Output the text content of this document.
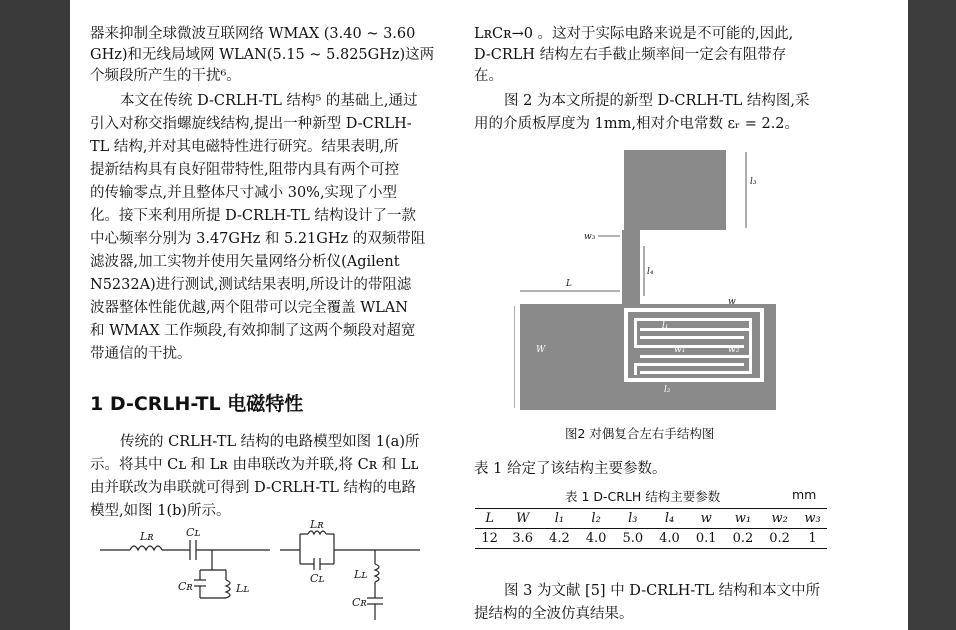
器来抑制全球微波互联网络 WMAX (3.40 ~ 3.60
GHz)和无线局域网 WLAN(5.15 ~ 5.825GHz)这两
个频段所产生的干扰⁶。
本文在传统 D-CRLH-TL 结构⁵ 的基础上,通过
引入对称交指螺旋线结构,提出一种新型 D-CRLH-
TL 结构,并对其电磁特性进行研究。结果表明,所
提新结构具有良好阻带特性,阻带内具有两个可控
的传输零点,并且整体尺寸减小 30%,实现了小型
化。接下来利用所提 D-CRLH-TL 结构设计了一款
中心频率分别为 3.47GHz 和 5.21GHz 的双频带阻
滤波器,加工实物并使用矢量网络分析仪(Agilent
N5232A)进行测试,测试结果表明,所设计的带阻滤
波器整体性能优越,两个阻带可以完全覆盖 WLAN
和 WMAX 工作频段,有效抑制了这两个频段对超宽
带通信的干扰。
1 D-CRLH-TL 电磁特性
传统的 CRLH-TL 结构的电路模型如图 1(a)所
示。将其中 Cʟ 和 Lʀ 由串联改为并联,将 Cʀ 和 Lʟ
由并联改为串联就可得到 D-CRLH-TL 结构的电路
模型,如图 1(b)所示。
Lʀ	Cʟ
Cʀ	Lʟ
Lʀ
Cʟ	Lʟ
Cʀ
LʀCʀ→0 。这对于实际电路来说是不可能的,因此,
D-CRLH 结构左右手截止频率间一定会有阻带存
在。
图 2 为本文所提的新型 D-CRLH-TL 结构图,采
用的介质板厚度为 1mm,相对介电常数 εᵣ = 2.2。
l₃
w₃
l₄
L
W
w
l₁
w₁	w₂
l₂
图2 对偶复合左右手结构图
表 1 给定了该结构主要参数。
表 1 D-CRLH 结构主要参数	mm
L	W	l₁	l₂	l₃	l₄	w	w₁	w₂	w₃
12	3.6	4.2	4.0	5.0	4.0	0.1	0.2	0.2	1
图 3 为文献 [5] 中 D-CRLH-TL 结构和本文中所
提结构的全波仿真结果。
